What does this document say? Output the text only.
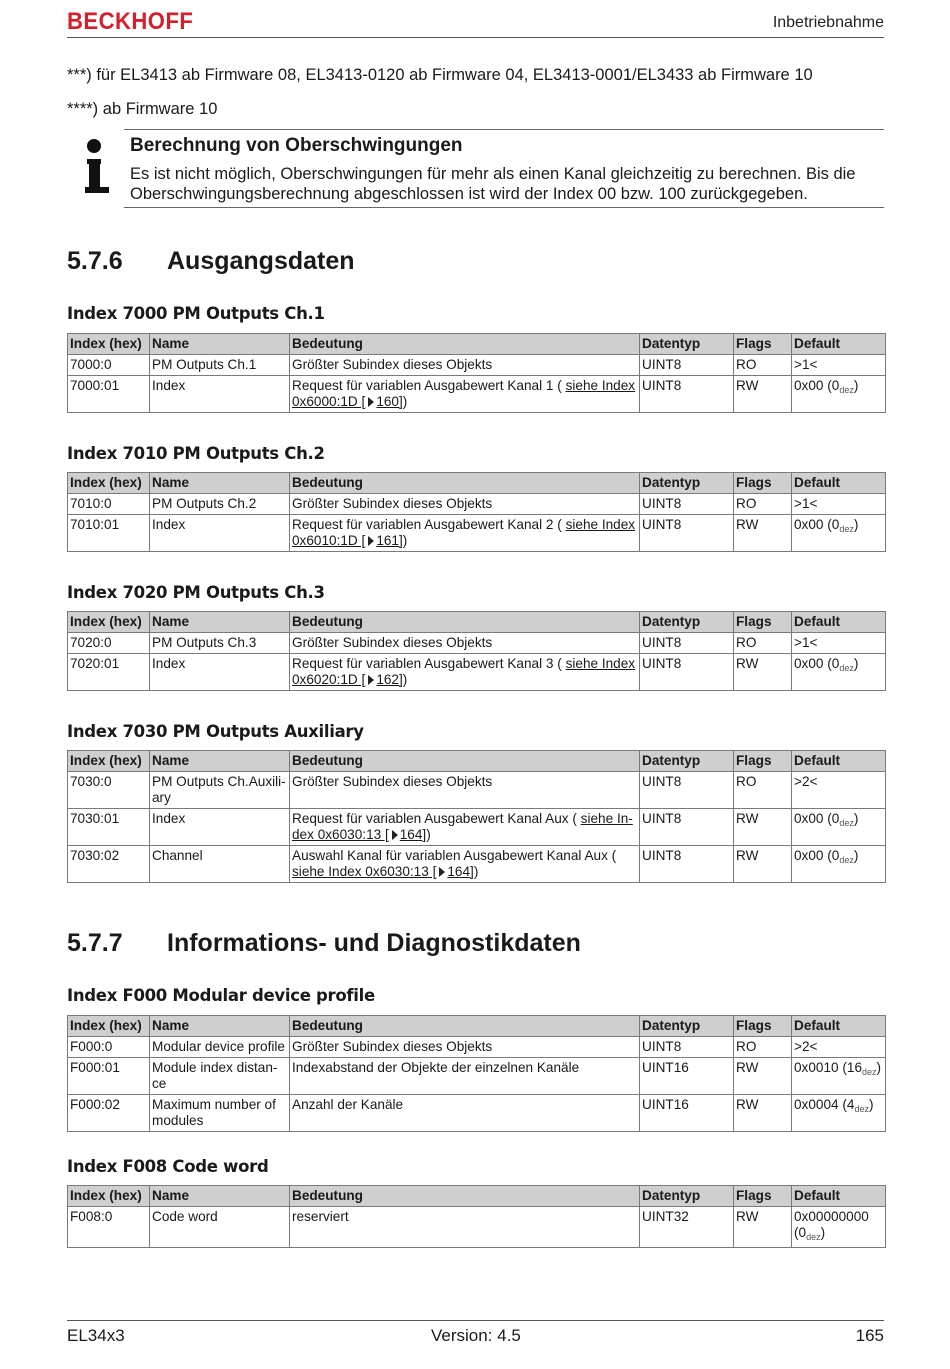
BECKHOFF	Inbetriebnahme
***) für EL3413 ab Firmware 08, EL3413-0120 ab Firmware 04, EL3413-0001/EL3433 ab Firmware 10
****) ab Firmware 10
Berechnung von Oberschwingungen
Es ist nicht möglich, Oberschwingungen für mehr als einen Kanal gleichzeitig zu berechnen. Bis die Oberschwingungsberechnung abgeschlossen ist wird der Index 00 bzw. 100 zurückgegeben.
5.7.6 Ausgangsdaten
Index 7000 PM Outputs Ch.1
Index (hex)	Name	Bedeutung	Datentyp	Flags	Default
7000:0	PM Outputs Ch.1	Größter Subindex dieses Objekts	UINT8	RO	>1<
7000:01	Index	Request für variablen Ausgabewert Kanal 1 ( siehe Index 0x6000:1D [ 160])	UINT8	RW	0x00 $(0_{dez})$
Index 7010 PM Outputs Ch.2
Index (hex)	Name	Bedeutung	Datentyp	Flags	Default
7010:0	PM Outputs Ch.2	Größter Subindex dieses Objekts	UINT8	RO	>1<
7010:01	Index	Request für variablen Ausgabewert Kanal 2 ( siehe Index 0x6010:1D [ 161])	UINT8	RW	0x00 $(0_{dez})$
Index 7020 PM Outputs Ch.3
Index (hex)	Name	Bedeutung	Datentyp	Flags	Default
7020:0	PM Outputs Ch.3	Größter Subindex dieses Objekts	UINT8	RO	>1<
7020:01	Index	Request für variablen Ausgabewert Kanal 3 ( siehe Index 0x6020:1D [ 162])	UINT8	RW	0x00 $(0_{dez})$
Index 7030 PM Outputs Auxiliary
Index (hex)	Name	Bedeutung	Datentyp	Flags	Default
7030:0	PM Outputs Ch.Auxili-ary	Größter Subindex dieses Objekts	UINT8	RO	>2<
7030:01	Index	Request für variablen Ausgabewert Kanal Aux ( siehe In-dex 0x6030:13 [ 164])	UINT8	RW	0x00 $(0_{dez})$
7030:02	Channel	Auswahl Kanal für variablen Ausgabewert Kanal Aux ( siehe Index 0x6030:13 [ 164])	UINT8	RW	0x00 $(0_{dez})$
5.7.7 Informations- und Diagnostikdaten
Index F000 Modular device profile
Index (hex)	Name	Bedeutung	Datentyp	Flags	Default
F000:0	Modular device profile	Größter Subindex dieses Objekts	UINT8	RO	>2<
F000:01	Module index distan-ce	Indexabstand der Objekte der einzelnen Kanäle	UINT16	RW	0x0010 $(16_{dez})$
F000:02	Maximum number of modules	Anzahl der Kanäle	UINT16	RW	0x0004 $(4_{dez})$
Index F008 Code word
Index (hex)	Name	Bedeutung	Datentyp	Flags	Default
F008:0	Code word	reserviert	UINT32	RW	0x00000000 $(0_{dez})$
EL34x3	Version: 4.5	165
